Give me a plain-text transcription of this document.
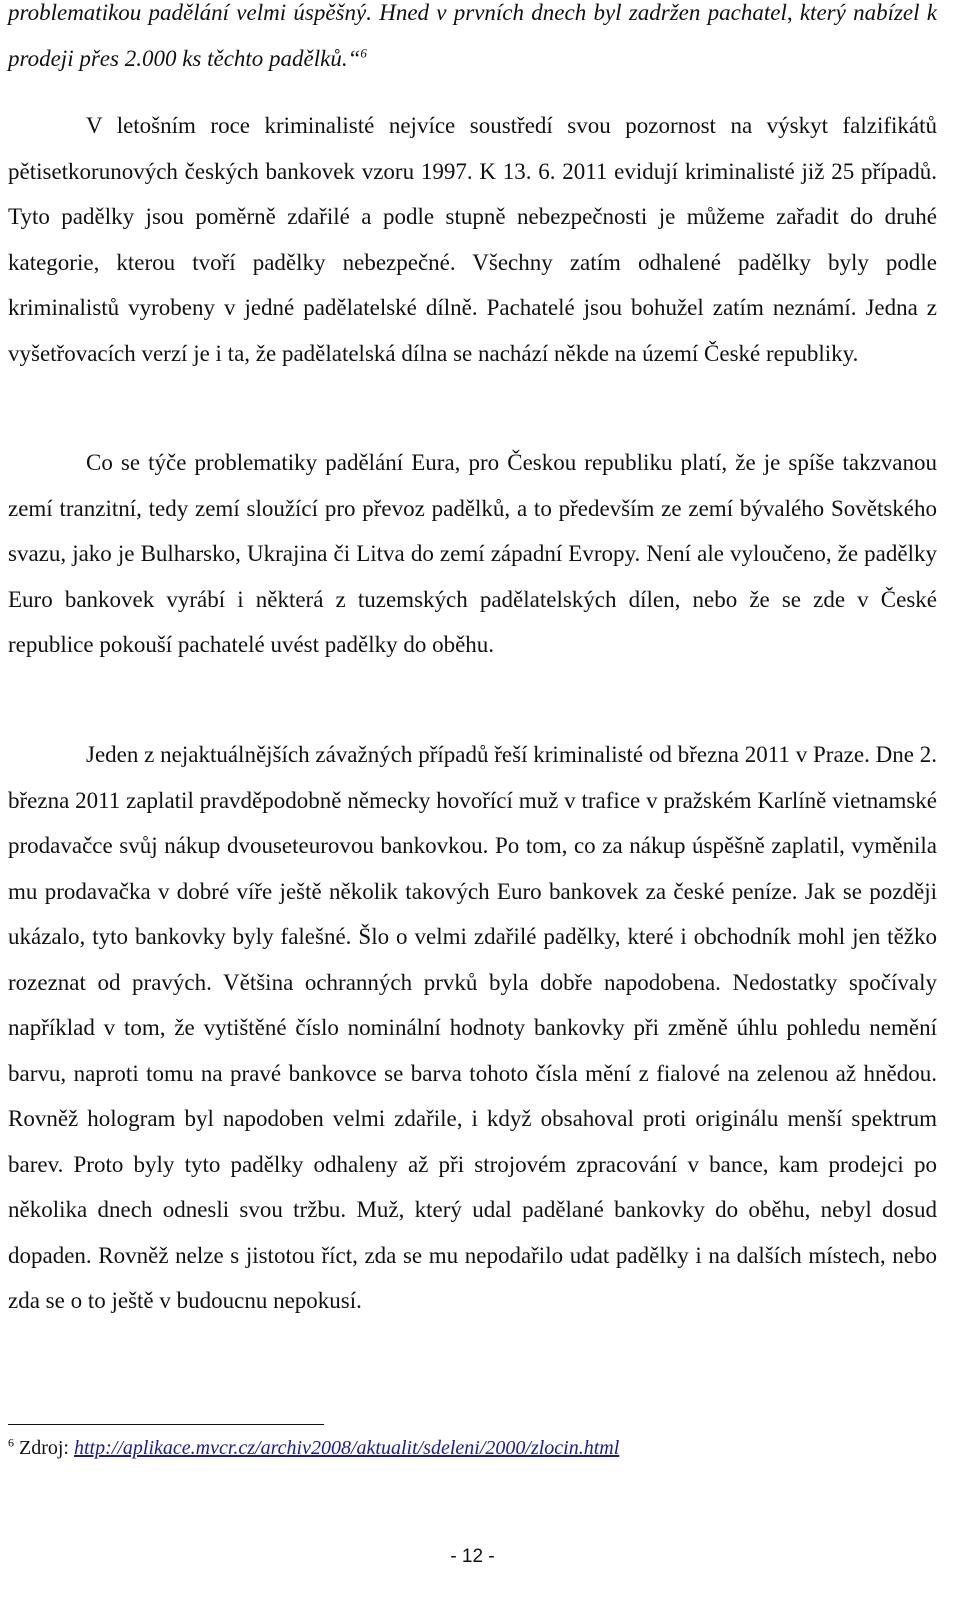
problematikou padělání velmi úspěšný. Hned v prvních dnech byl zadržen pachatel, který nabízel k prodeji přes 2.000 ks těchto padělků.“$^6$

V letošním roce kriminalisté nejvíce soustředí svou pozornost na výskyt falzifikátů pětisetkorunových českých bankovek vzoru 1997. K 13. 6. 2011 evidují kriminalisté již 25 případů. Tyto padělky jsou poměrně zdařilé a podle stupně nebezpečnosti je můžeme zařadit do druhé kategorie, kterou tvoří padělky nebezpečné. Všechny zatím odhalené padělky byly podle kriminalistů vyrobeny v jedné padělatelské dílně. Pachatelé jsou bohužel zatím neznámí. Jedna z vyšetřovacích verzí je i ta, že padělatelská dílna se nachází někde na území České republiky.

Co se týče problematiky padělání Eura, pro Českou republiku platí, že je spíše takzvanou zemí tranzitní, tedy zemí sloužící pro převoz padělků, a to především ze zemí bývalého Sovětského svazu, jako je Bulharsko, Ukrajina či Litva do zemí západní Evropy. Není ale vyloučeno, že padělky Euro bankovek vyrábí i některá z tuzemských padělatelských dílen, nebo že se zde v České republice pokouší pachatelé uvést padělky do oběhu.

Jeden z nejaktuálnějších závažných případů řeší kriminalisté od března 2011 v Praze. Dne 2. března 2011 zaplatil pravděpodobně německy hovořící muž v trafice v pražském Karlíně vietnamské prodavačce svůj nákup dvouseteurovou bankovkou. Po tom, co za nákup úspěšně zaplatil, vyměnila mu prodavačka v dobré víře ještě několik takových Euro bankovek za české peníze. Jak se později ukázalo, tyto bankovky byly falešné. Šlo o velmi zdařilé padělky, které i obchodník mohl jen těžko rozeznat od pravých. Většina ochranných prvků byla dobře napodobena. Nedostatky spočívaly například v tom, že vytištěné číslo nominální hodnoty bankovky při změně úhlu pohledu nemění barvu, naproti tomu na pravé bankovce se barva tohoto čísla mění z fialové na zelenou až hnědou. Rovněž hologram byl napodoben velmi zdařile, i když obsahoval proti originálu menší spektrum barev. Proto byly tyto padělky odhaleny až při strojovém zpracování v bance, kam prodejci po několika dnech odnesli svou tržbu. Muž, který udal padělané bankovky do oběhu, nebyl dosud dopaden. Rovněž nelze s jistotou říct, zda se mu nepodařilo udat padělky i na dalších místech, nebo zda se o to ještě v budoucnu nepokusí.

$^6$ Zdroj: http://aplikace.mvcr.cz/archiv2008/aktualit/sdeleni/2000/zlocin.html
- 12 -
